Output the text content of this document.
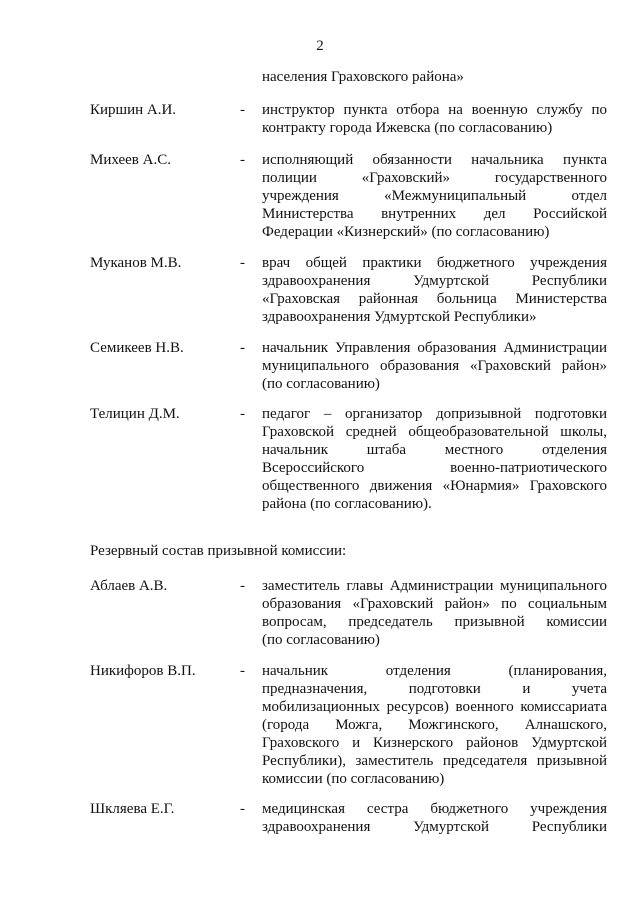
2
населения Граховского района»
Киршин А.И.	- инструктор пункта отбора на военную службу по
контракту города Ижевска (по согласованию)
Михеев А.С.	- исполняющий обязанности начальника пункта
полиции «Граховский» государственного
учреждения «Межмуниципальный отдел
Министерства внутренних дел Российской
Федерации «Кизнерский» (по согласованию)
Муканов М.В.	- врач общей практики бюджетного учреждения
здравоохранения Удмуртской Республики
«Граховская районная больница Министерства
здравоохранения Удмуртской Республики»
Семикеев Н.В.	- начальник Управления образования Администрации
муниципального образования «Граховский район»
(по согласованию)
Телицин Д.М.	- педагог – организатор допризывной подготовки
Граховской средней общеобразовательной школы,
начальник штаба местного отделения
Всероссийского военно-патриотического
общественного движения «Юнармия» Граховского
района (по согласованию).
Резервный состав призывной комиссии:
Аблаев А.В.	- заместитель главы Администрации муниципального
образования «Граховский район» по социальным
вопросам, председатель призывной комиссии
(по согласованию)
Никифоров В.П.	- начальник отделения (планирования,
предназначения, подготовки и учета
мобилизационных ресурсов) военного комиссариата
(города Можга, Можгинского, Алнашского,
Граховского и Кизнерского районов Удмуртской
Республики), заместитель председателя призывной
комиссии (по согласованию)
Шкляева Е.Г.	- медицинская сестра бюджетного учреждения
здравоохранения Удмуртской Республики
